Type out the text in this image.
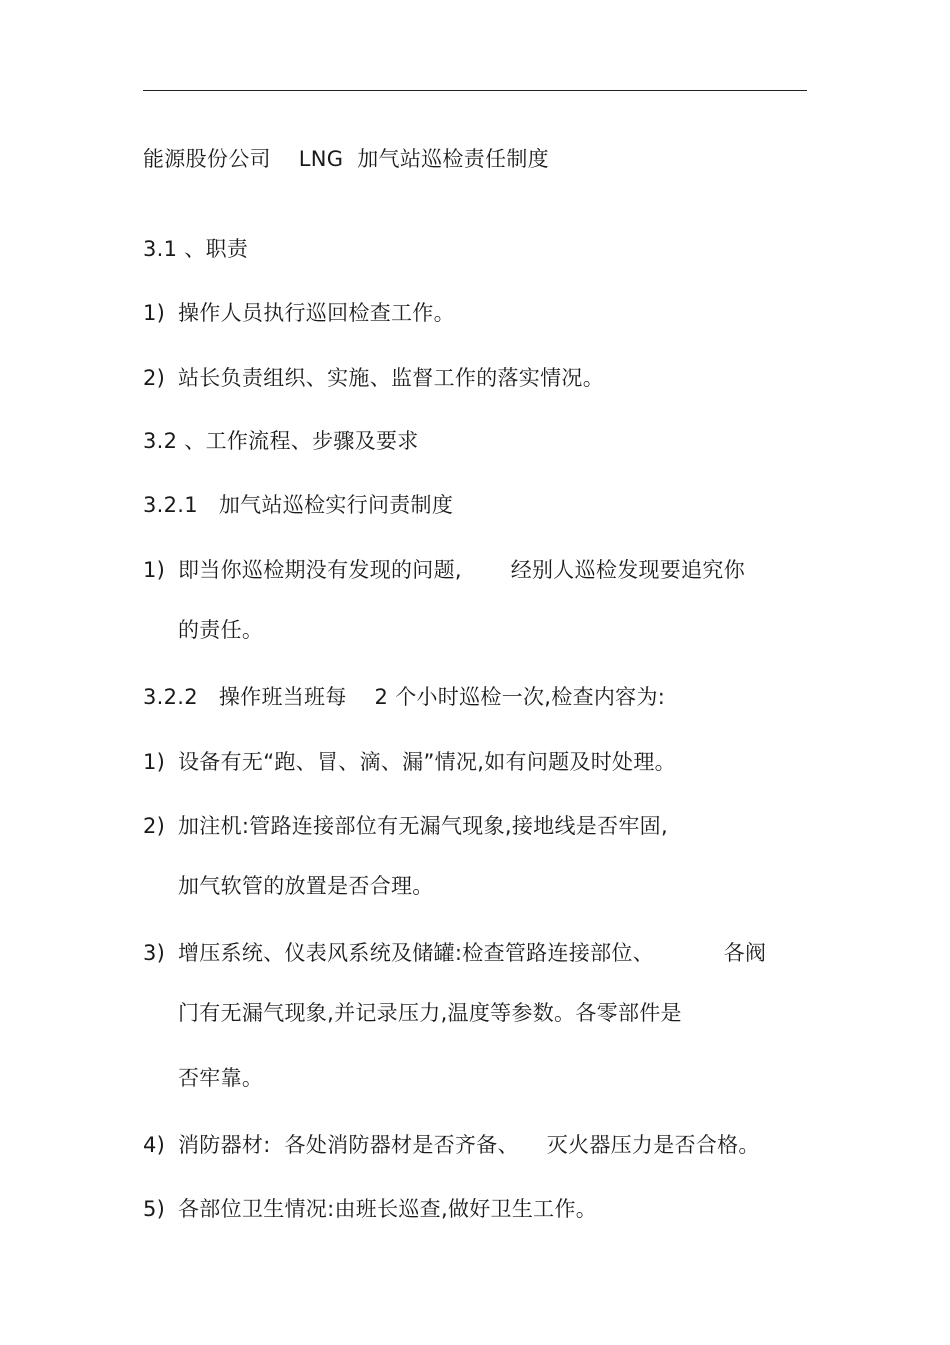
能源股份公司    LNG  加气站巡检责任制度
3.1 、职责
1) 操作人员执行巡回检查工作。
2) 站长负责组织、实施、监督工作的落实情况。
3.2 、工作流程、步骤及要求
3.2.1   加气站巡检实行问责制度
1) 即当你巡检期没有发现的问题,       经别人巡检发现要追究你
的责任。
3.2.2   操作班当班每    2 个小时巡检一次,检查内容为:
1) 设备有无“跑、冒、滴、漏”情况,如有问题及时处理。
2) 加注机:管路连接部位有无漏气现象,接地线是否牢固,
加气软管的放置是否合理。
3) 增压系统、仪表风系统及储罐:检查管路连接部位、          各阀
门有无漏气现象,并记录压力,温度等参数。各零部件是
否牢靠。
4) 消防器材:  各处消防器材是否齐备、    灭火器压力是否合格。
5) 各部位卫生情况:由班长巡查,做好卫生工作。
